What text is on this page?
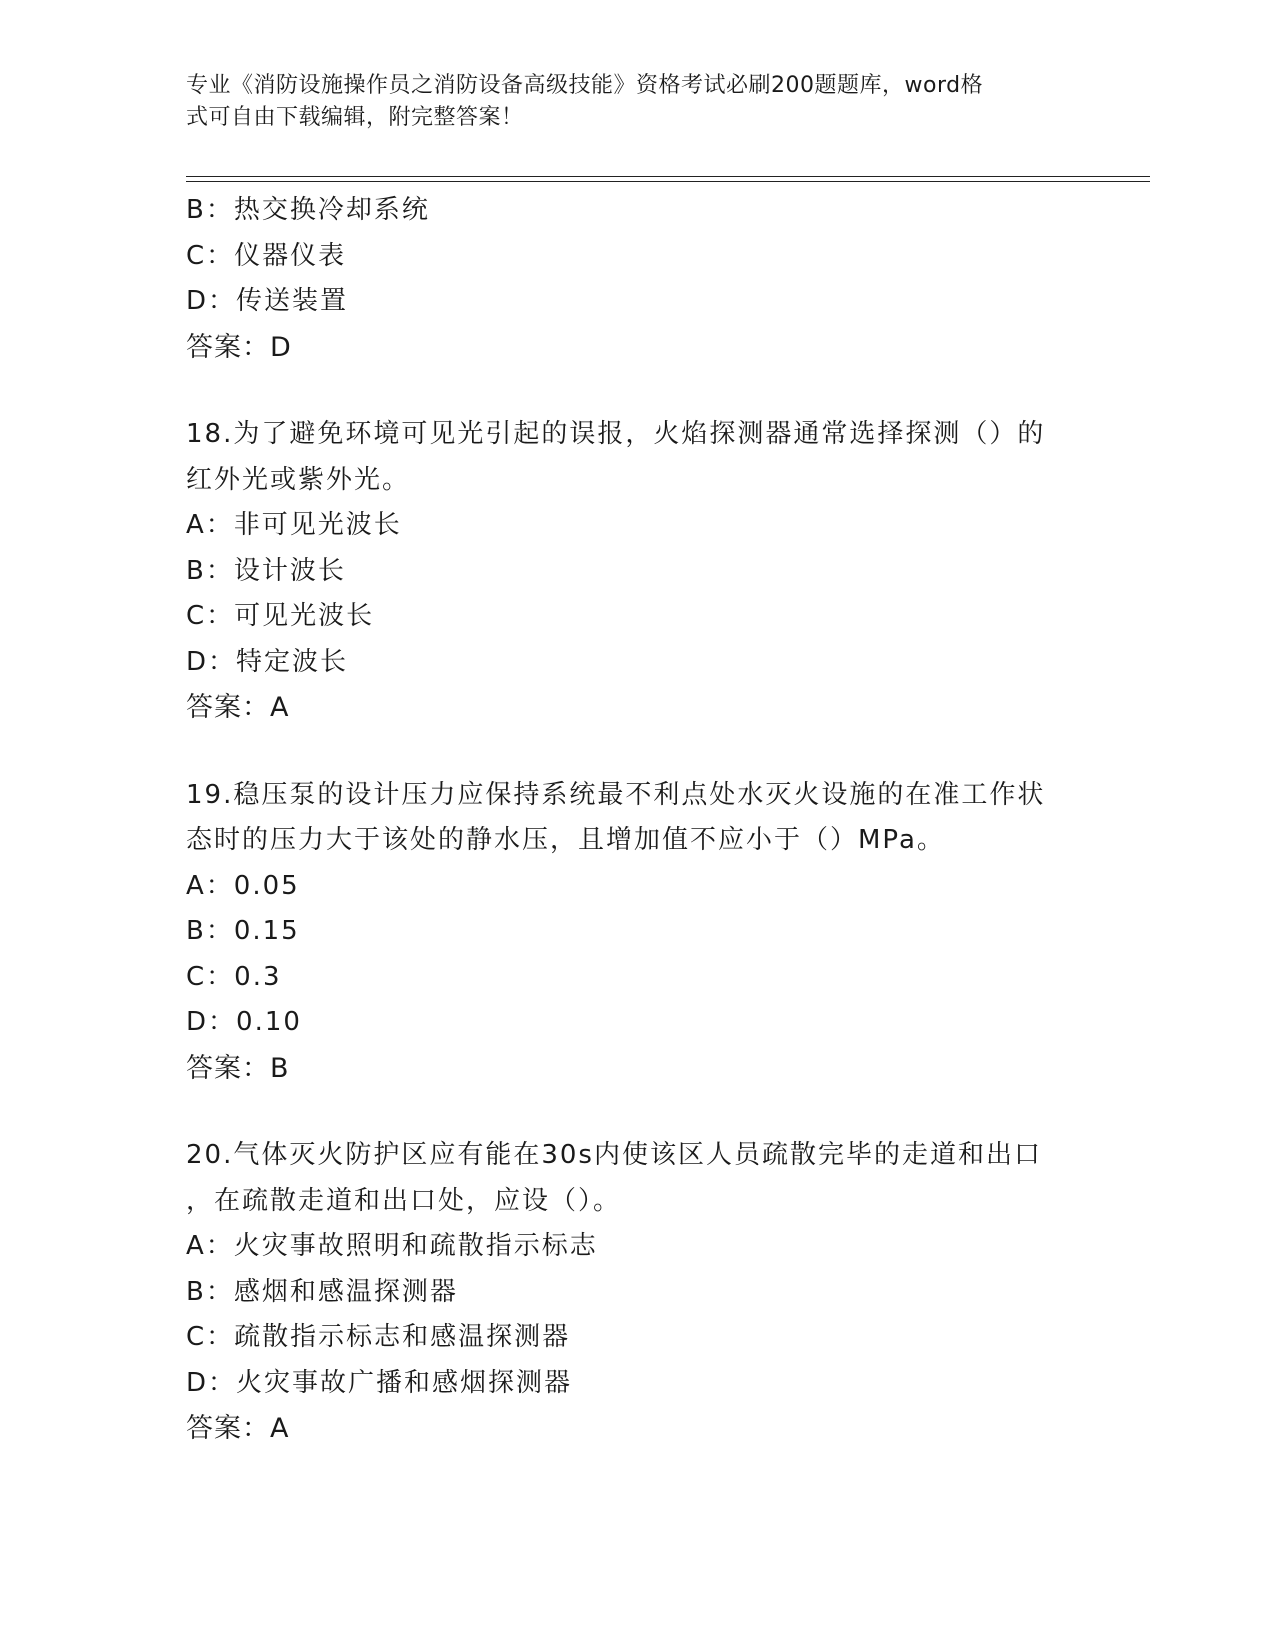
专业《消防设施操作员之消防设备高级技能》资格考试必刷200题题库，word格
式可自由下载编辑，附完整答案！
B：热交换冷却系统
C：仪器仪表
D：传送装置
答案：D
18.为了避免环境可见光引起的误报，火焰探测器通常选择探测（）的
红外光或紫外光。
A：非可见光波长
B：设计波长
C：可见光波长
D：特定波长
答案：A
19.稳压泵的设计压力应保持系统最不利点处水灭火设施的在准工作状
态时的压力大于该处的静水压，且增加值不应小于（）MPa。
A：0.05
B：0.15
C：0.3
D：0.10
答案：B
20.气体灭火防护区应有能在30s内使该区人员疏散完毕的走道和出口
，在疏散走道和出口处，应设（）。
A：火灾事故照明和疏散指示标志
B：感烟和感温探测器
C：疏散指示标志和感温探测器
D：火灾事故广播和感烟探测器
答案：A
